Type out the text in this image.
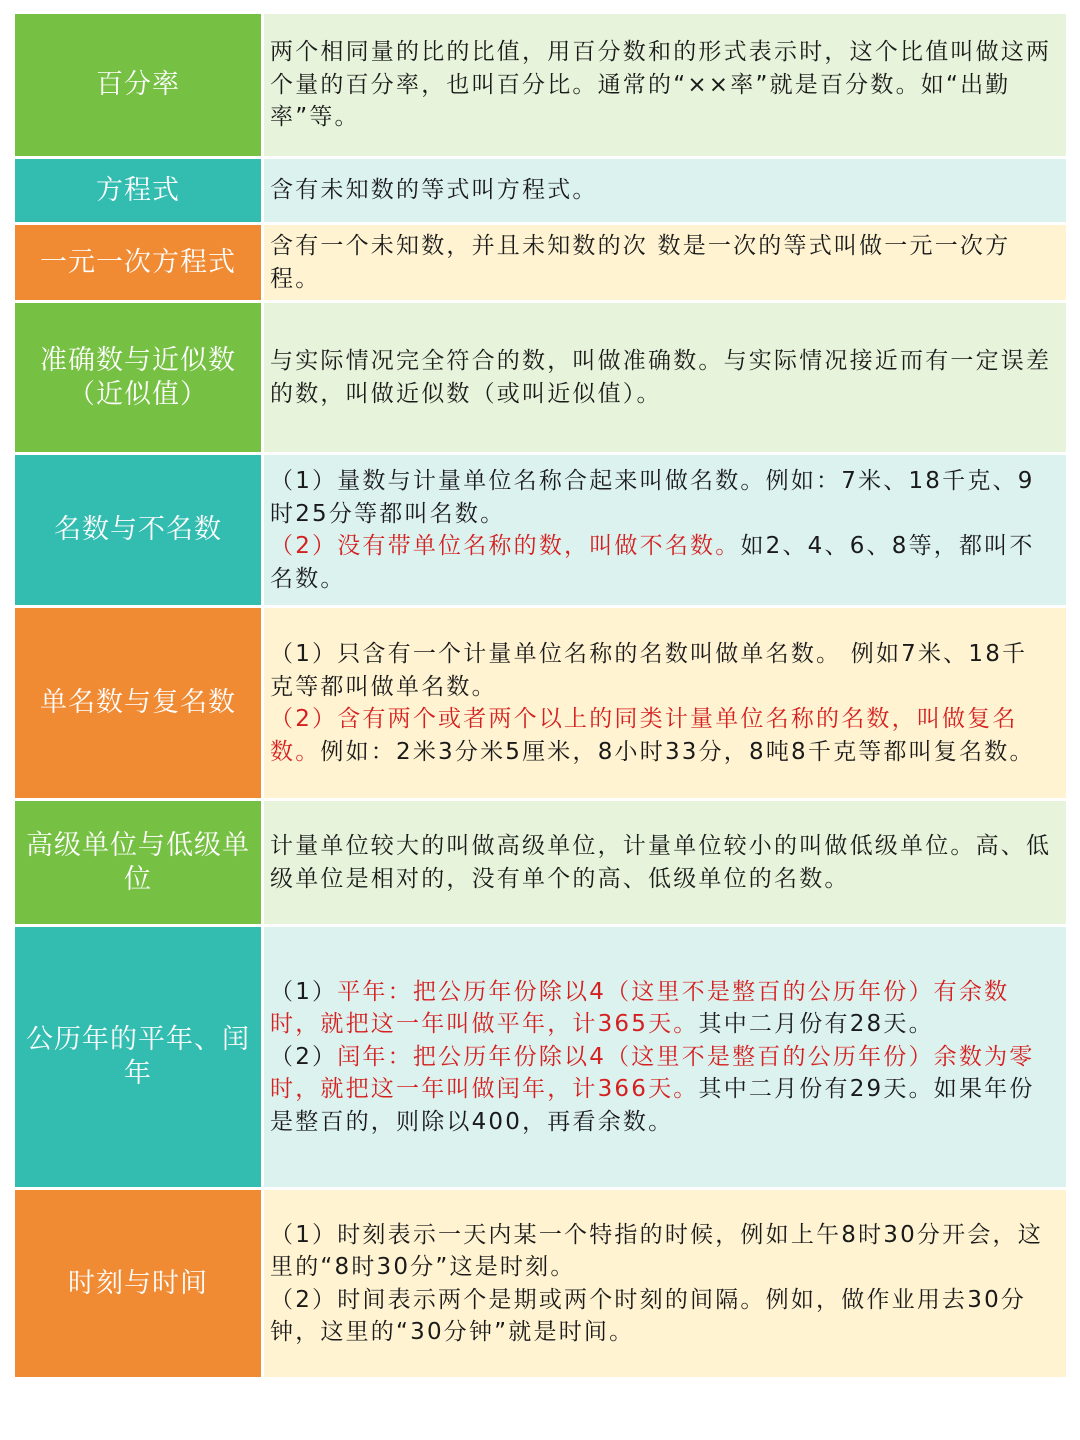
百分率

两个相同量的比的比值，用百分数和的形式表示时，这个比值叫做这两个量的百分率，也叫百分比。通常的“××率”就是百分数。如“出勤率”等。

方程式	含有未知数的等式叫方程式。

一元一次方程式

含有一个未知数，并且未知数的次 数是一次的等式叫做一元一次方程。

准确数与近似数（近似值）

与实际情况完全符合的数，叫做准确数。与实际情况接近而有一定误差的数，叫做近似数（或叫近似值）。

名数与不名数

（1）量数与计量单位名称合起来叫做名数。例如：7米、18千克、9时25分等都叫名数。

（2）没有带单位名称的数，叫做不名数。如2、4、6、8等，都叫不名数。

单名数与复名数

（1）只含有一个计量单位名称的名数叫做单名数。 例如7米、18千克等都叫做单名数。

（2）含有两个或者两个以上的同类计量单位名称的名数，叫做复名数。例如：2米3分米5厘米，8小时33分，8吨8千克等都叫复名数。

高级单位与低级单位

计量单位较大的叫做高级单位，计量单位较小的叫做低级单位。高、低级单位是相对的，没有单个的高、低级单位的名数。

公历年的平年、闰年

（1）平年：把公历年份除以4（这里不是整百的公历年份）有余数时，就把这一年叫做平年，计365天。其中二月份有28天。

（2）闰年：把公历年份除以4（这里不是整百的公历年份）余数为零时，就把这一年叫做闰年，计366天。其中二月份有29天。如果年份是整百的，则除以400，再看余数。

时刻与时间

（1）时刻表示一天内某一个特指的时候，例如上午8时30分开会，这里的“8时30分”这是时刻。

（2）时间表示两个是期或两个时刻的间隔。例如，做作业用去30分钟，这里的“30分钟”就是时间。
